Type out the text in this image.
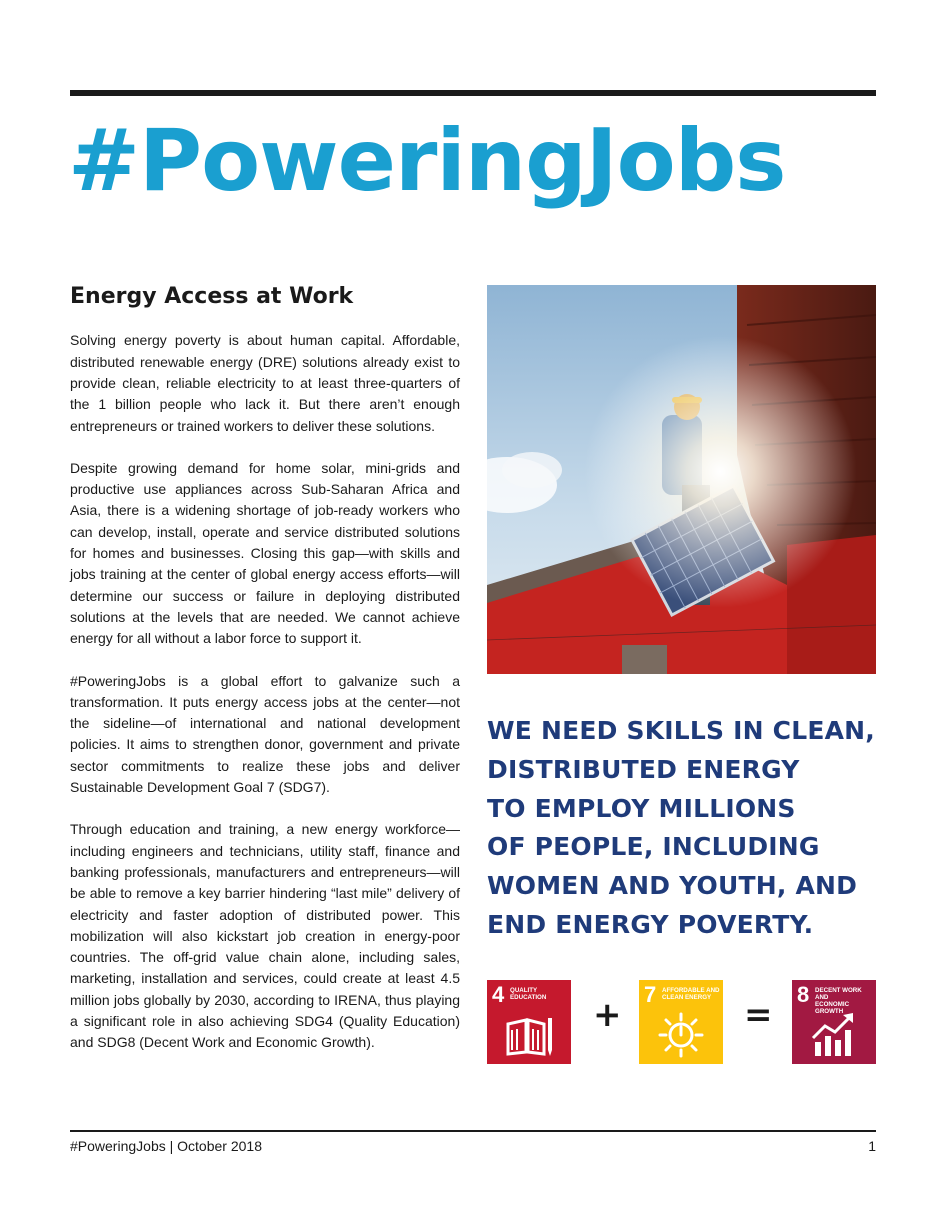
#PoweringJobs
Energy Access at Work

Solving energy poverty is about human capital. Affordable, distributed renewable energy (DRE) solutions already exist to provide clean, reliable electricity to at least three-quarters of the 1 billion people who lack it. But there aren’t enough entrepreneurs or trained workers to deliver these solutions.

Despite growing demand for home solar, mini-grids and productive use appliances across Sub-Saharan Africa and Asia, there is a widening shortage of job-ready workers who can develop, install, operate and service distributed solutions for homes and businesses. Closing this gap—with skills and jobs training at the center of global energy access efforts—will determine our success or failure in deploying distributed solutions at the levels that are needed. We cannot achieve energy for all without a labor force to support it.

#PoweringJobs is a global effort to galvanize such a transformation. It puts energy access jobs at the center—not the sideline—of international and national development policies. It aims to strengthen donor, government and private sector commitments to realize these jobs and deliver Sustainable Development Goal 7 (SDG7).

Through education and training, a new energy workforce—including engineers and technicians, utility staff, finance and banking professionals, manufacturers and entrepreneurs—will be able to remove a key barrier hindering “last mile” delivery of electricity and faster adoption of distributed power. This mobilization will also kickstart job creation in energy-poor countries. The off-grid value chain alone, including sales, marketing, installation and services, could create at least 4.5 million jobs globally by 2030, according to IRENA, thus playing a significant role in also achieving SDG4 (Quality Education) and SDG8 (Decent Work and Economic Growth).

WE NEED SKILLS IN CLEAN,
DISTRIBUTED ENERGY
TO EMPLOY MILLIONS
OF PEOPLE, INCLUDING
WOMEN AND YOUTH, AND
END ENERGY POVERTY.
4 QUALITY
EDUCATION	+
7 AFFORDABLE AND
CLEAN ENERGY =
8 DECENT WORK AND
ECONOMIC GROWTH
#PoweringJobs | October 2018	1
